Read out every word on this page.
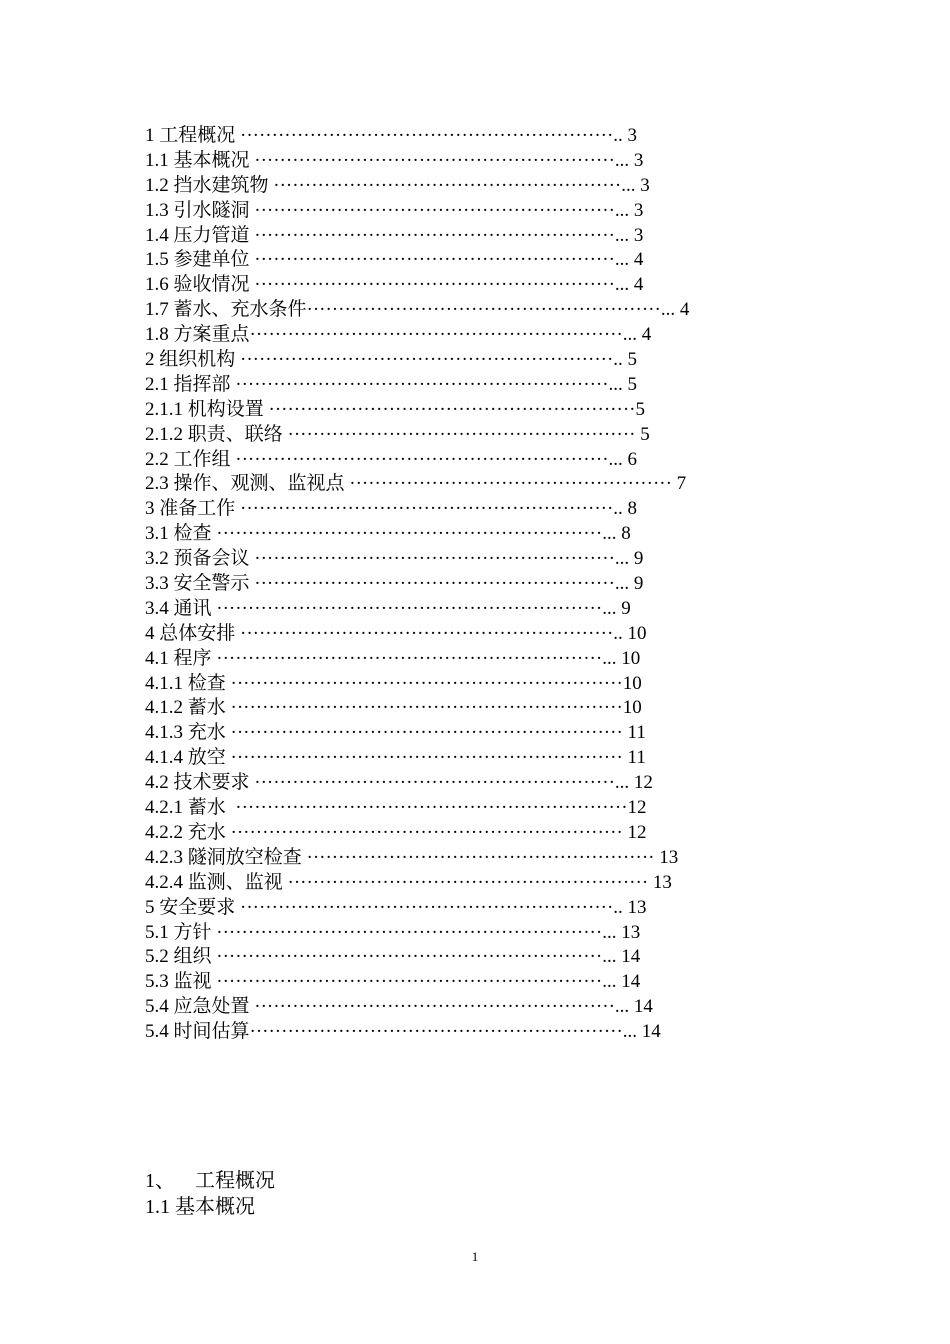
1 工程概况 ···························································.. 3
1.1 基本概况 ·························································... 3
1.2 挡水建筑物 ·······················································... 3
1.3 引水隧洞 ·························································... 3
1.4 压力管道 ·························································... 3
1.5 参建单位 ·························································... 4
1.6 验收情况 ·························································... 4
1.7 蓄水、充水条件························································... 4
1.8 方案重点···························································... 4
2 组织机构 ···························································.. 5
2.1 指挥部 ···························································... 5
2.1.1 机构设置 ··························································5
2.1.2 职责、联络 ······················································· 5
2.2 工作组 ···························································... 6
2.3 操作、观测、监视点 ··················································· 7
3 准备工作 ···························································.. 8
3.1 检查 ·····························································... 8
3.2 预备会议 ·························································... 9
3.3 安全警示 ·························································... 9
3.4 通讯 ·····························································... 9
4 总体安排 ···························································.. 10
4.1 程序 ·····························································... 10
4.1.1 检查 ······························································10
4.1.2 蓄水 ······························································10
4.1.3 充水 ······························································ 11
4.1.4 放空 ······························································ 11
4.2 技术要求 ·························································... 12
4.2.1 蓄水  ······························································12
4.2.2 充水 ······························································ 12
4.2.3 隧洞放空检查 ······················································· 13
4.2.4 监测、监视 ························································· 13
5 安全要求 ···························································.. 13
5.1 方针 ·····························································... 13
5.2 组织 ·····························································... 14
5.3 监视 ·····························································... 14
5.4 应急处置 ·························································... 14
5.4 时间估算···························································... 14
1、    工程概况
1.1 基本概况
1
